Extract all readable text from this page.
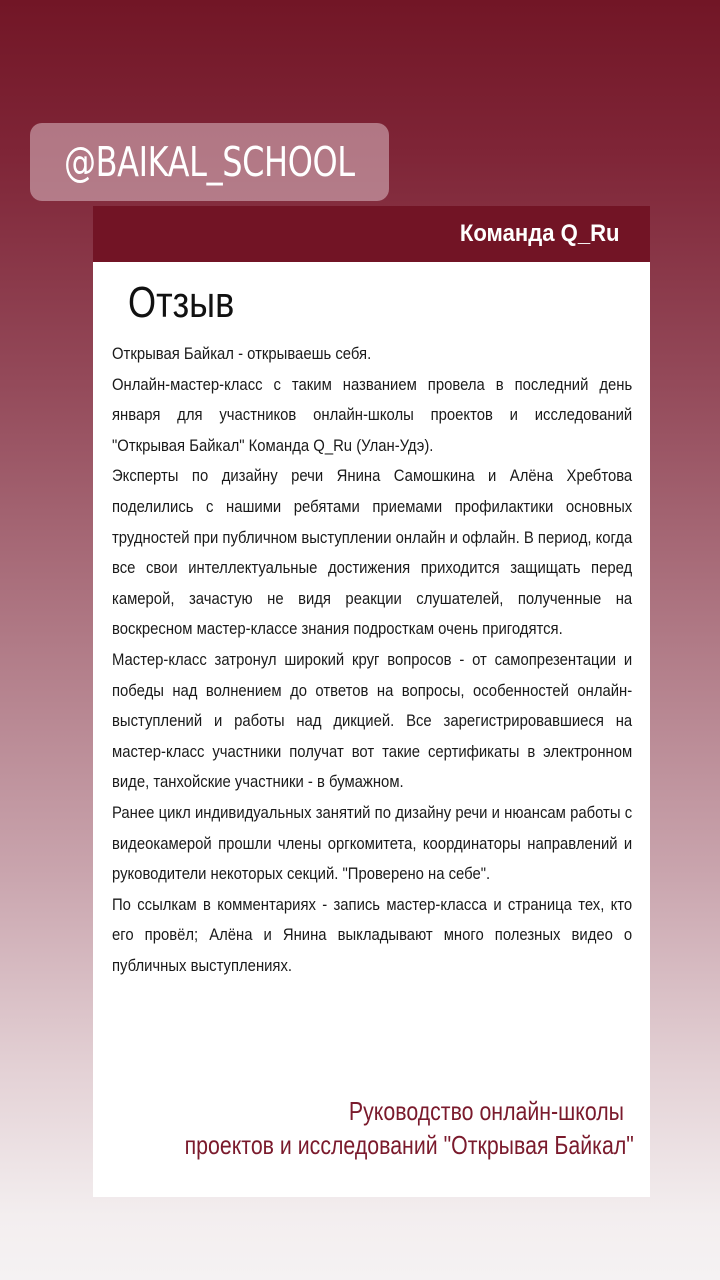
@BAIKAL_SCHOOL
Команда Q_Ru
Отзыв

Открывая Байкал - открываешь себя.

Онлайн-мастер-класс с таким названием провела в последний день января для участников онлайн-школы проектов и исследований "Открывая Байкал" Команда Q_Ru (Улан-Удэ).

Эксперты по дизайну речи Янина Самошкина и Алёна Хребтова поделились с нашими ребятами приемами профилактики основных трудностей при публичном выступлении онлайн и офлайн. В период, когда все свои интеллектуальные достижения приходится защищать перед камерой, зачастую не видя реакции слушателей, полученные на воскресном мастер-классе знания подросткам очень пригодятся.

Мастер-класс затронул широкий круг вопросов - от самопрезентации и победы над волнением до ответов на вопросы, особенностей онлайн-выступлений и работы над дикцией. Все зарегистрировавшиеся на мастер-класс участники получат вот такие сертификаты в электронном виде, танхойские участники - в бумажном.

Ранее цикл индивидуальных занятий по дизайну речи и нюансам работы с видеокамерой прошли члены оргкомитета, координаторы направлений и руководители некоторых секций. "Проверено на себе".

По ссылкам в комментариях - запись мастер-класса и страница тех, кто его провёл; Алёна и Янина выкладывают много полезных видео о публичных выступлениях.

Руководство онлайн-школы
проектов и исследований "Открывая Байкал"
